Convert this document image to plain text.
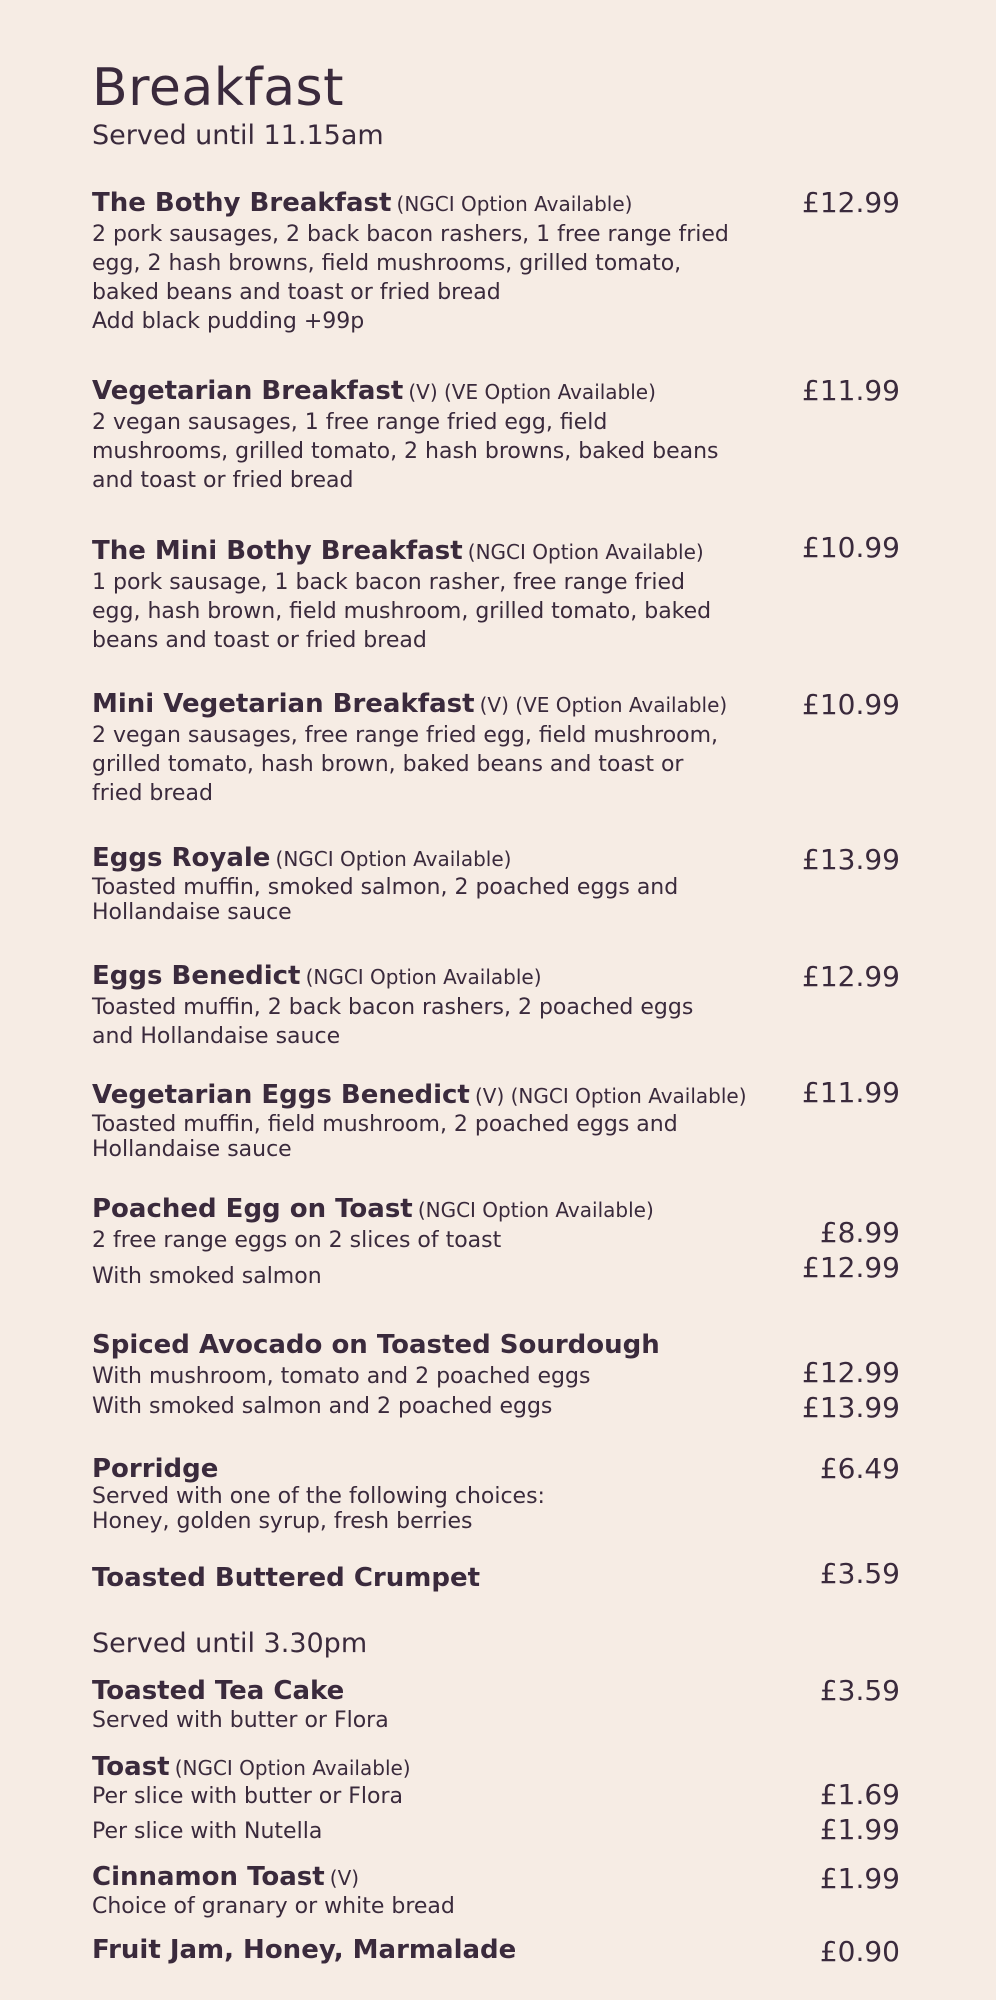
Breakfast
Served until 11.15am
The Bothy Breakfast (NGCI Option Available)
2 pork sausages, 2 back bacon rashers, 1 free range fried egg, 2 hash browns, field mushrooms, grilled tomato, baked beans and toast or fried bread
Add black pudding +99p
£12.99
Vegetarian Breakfast (V) (VE Option Available)
2 vegan sausages, 1 free range fried egg, field mushrooms, grilled tomato, 2 hash browns, baked beans and toast or fried bread
£11.99
The Mini Bothy Breakfast (NGCI Option Available)
1 pork sausage, 1 back bacon rasher, free range fried egg, hash brown, field mushroom, grilled tomato, baked beans and toast or fried bread
£10.99
Mini Vegetarian Breakfast (V) (VE Option Available)
2 vegan sausages, free range fried egg, field mushroom, grilled tomato, hash brown, baked beans and toast or fried bread
£10.99
Eggs Royale (NGCI Option Available)
Toasted muffin, smoked salmon, 2 poached eggs and Hollandaise sauce
£13.99
Eggs Benedict (NGCI Option Available)
Toasted muffin, 2 back bacon rashers, 2 poached eggs and Hollandaise sauce
£12.99
Vegetarian Eggs Benedict (V) (NGCI Option Available)
Toasted muffin, field mushroom, 2 poached eggs and Hollandaise sauce
£11.99
Poached Egg on Toast (NGCI Option Available)
2 free range eggs on 2 slices of toast	£8.99
With smoked salmon	£12.99
Spiced Avocado on Toasted Sourdough
With mushroom, tomato and 2 poached eggs	£12.99
With smoked salmon and 2 poached eggs	£13.99
Porridge
Served with one of the following choices: Honey, golden syrup, fresh berries
£6.49
Toasted Buttered Crumpet	£3.59
Served until 3.30pm
Toasted Tea Cake
Served with butter or Flora
£3.59
Toast (NGCI Option Available)
Per slice with butter or Flora	£1.69
Per slice with Nutella	£1.99
Cinnamon Toast (V)
Choice of granary or white bread
£1.99
Fruit Jam, Honey, Marmalade	£0.90
